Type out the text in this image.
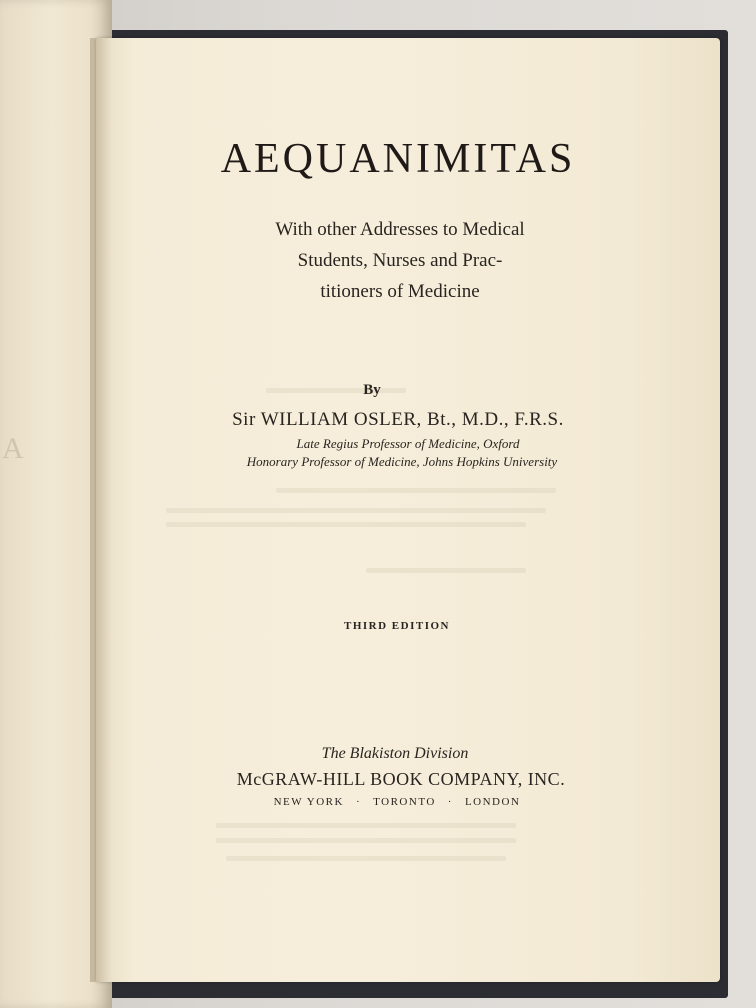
A
AEQUANIMITAS
With other Addresses to Medical
Students, Nurses and Prac-
titioners of Medicine
By
Sir WILLIAM OSLER, Bt., M.D., F.R.S.
Late Regius Professor of Medicine, Oxford
Honorary Professor of Medicine, Johns Hopkins University
THIRD EDITION
The Blakiston Division
McGRAW-HILL BOOK COMPANY, INC.
NEW YORK · TORONTO · LONDON
